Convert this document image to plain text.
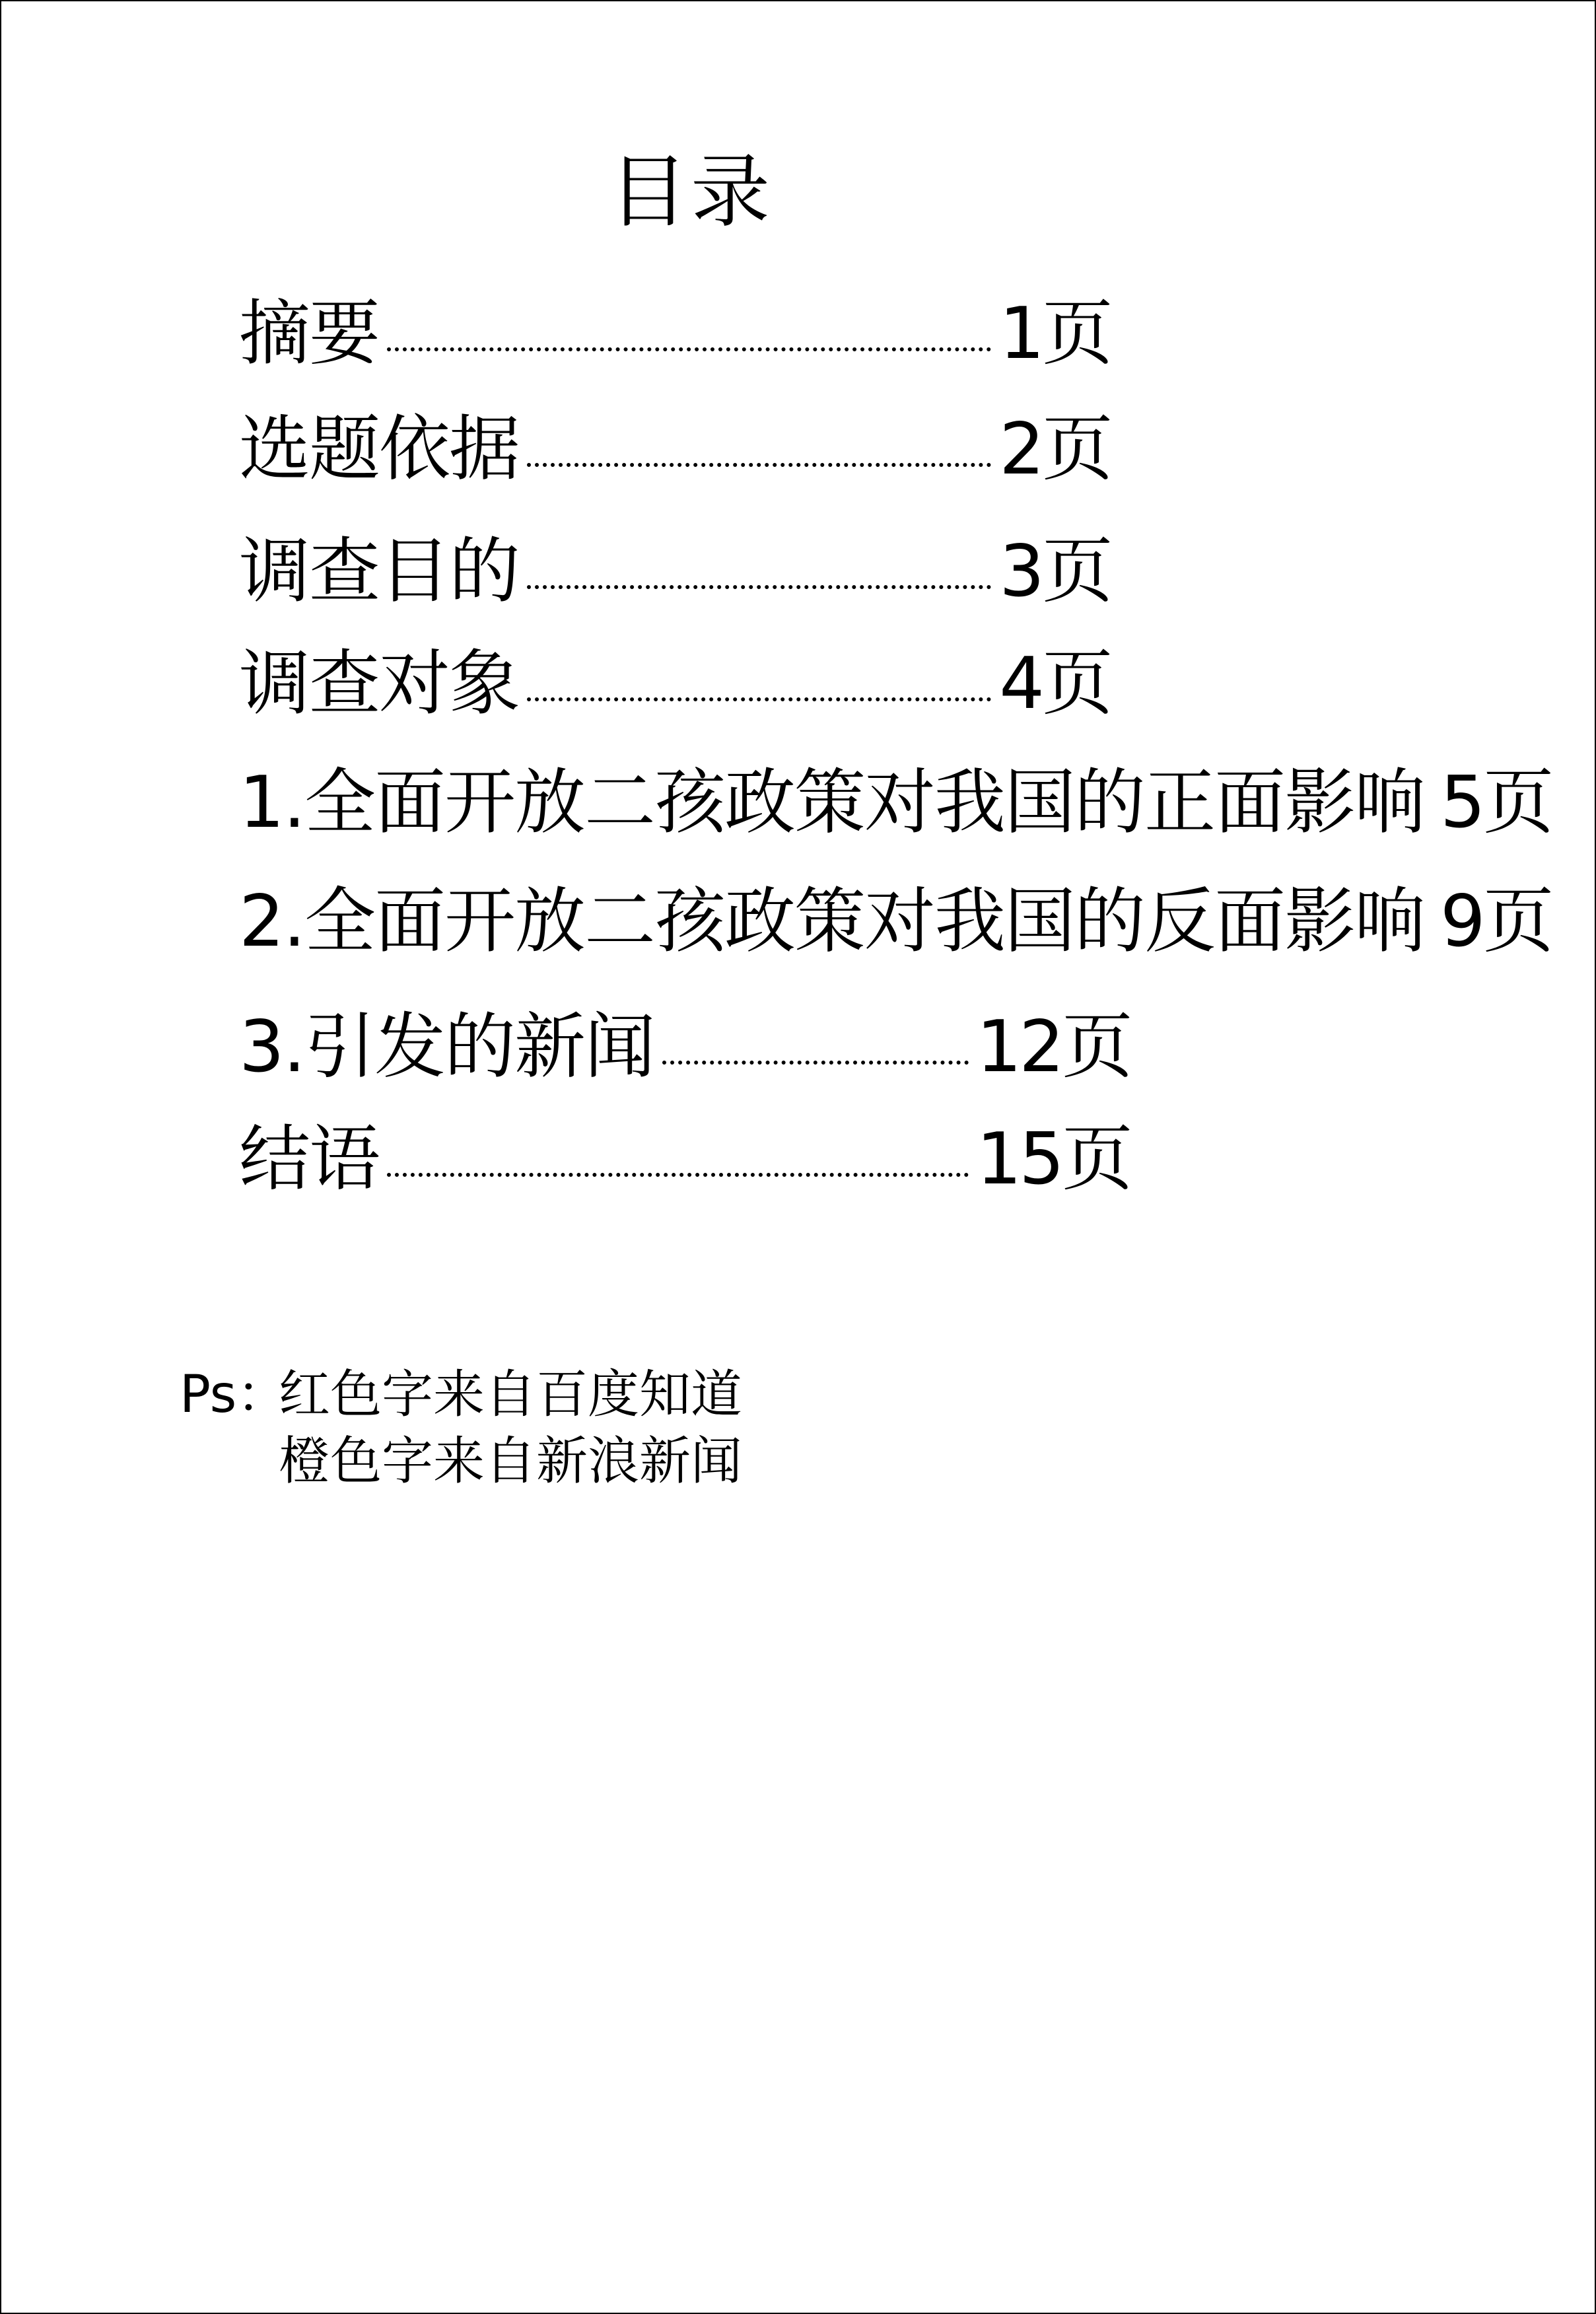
目录
摘要	1页
选题依据	2页
调查目的	3页
调查对象	4页
1.全面开放二孩政策对我国的正面影响 5页
2.全面开放二孩政策对我国的反面影响 9页
3.引发的新闻	12页
结语	15页
Ps：
红色字来自百度知道
橙色字来自新浪新闻
